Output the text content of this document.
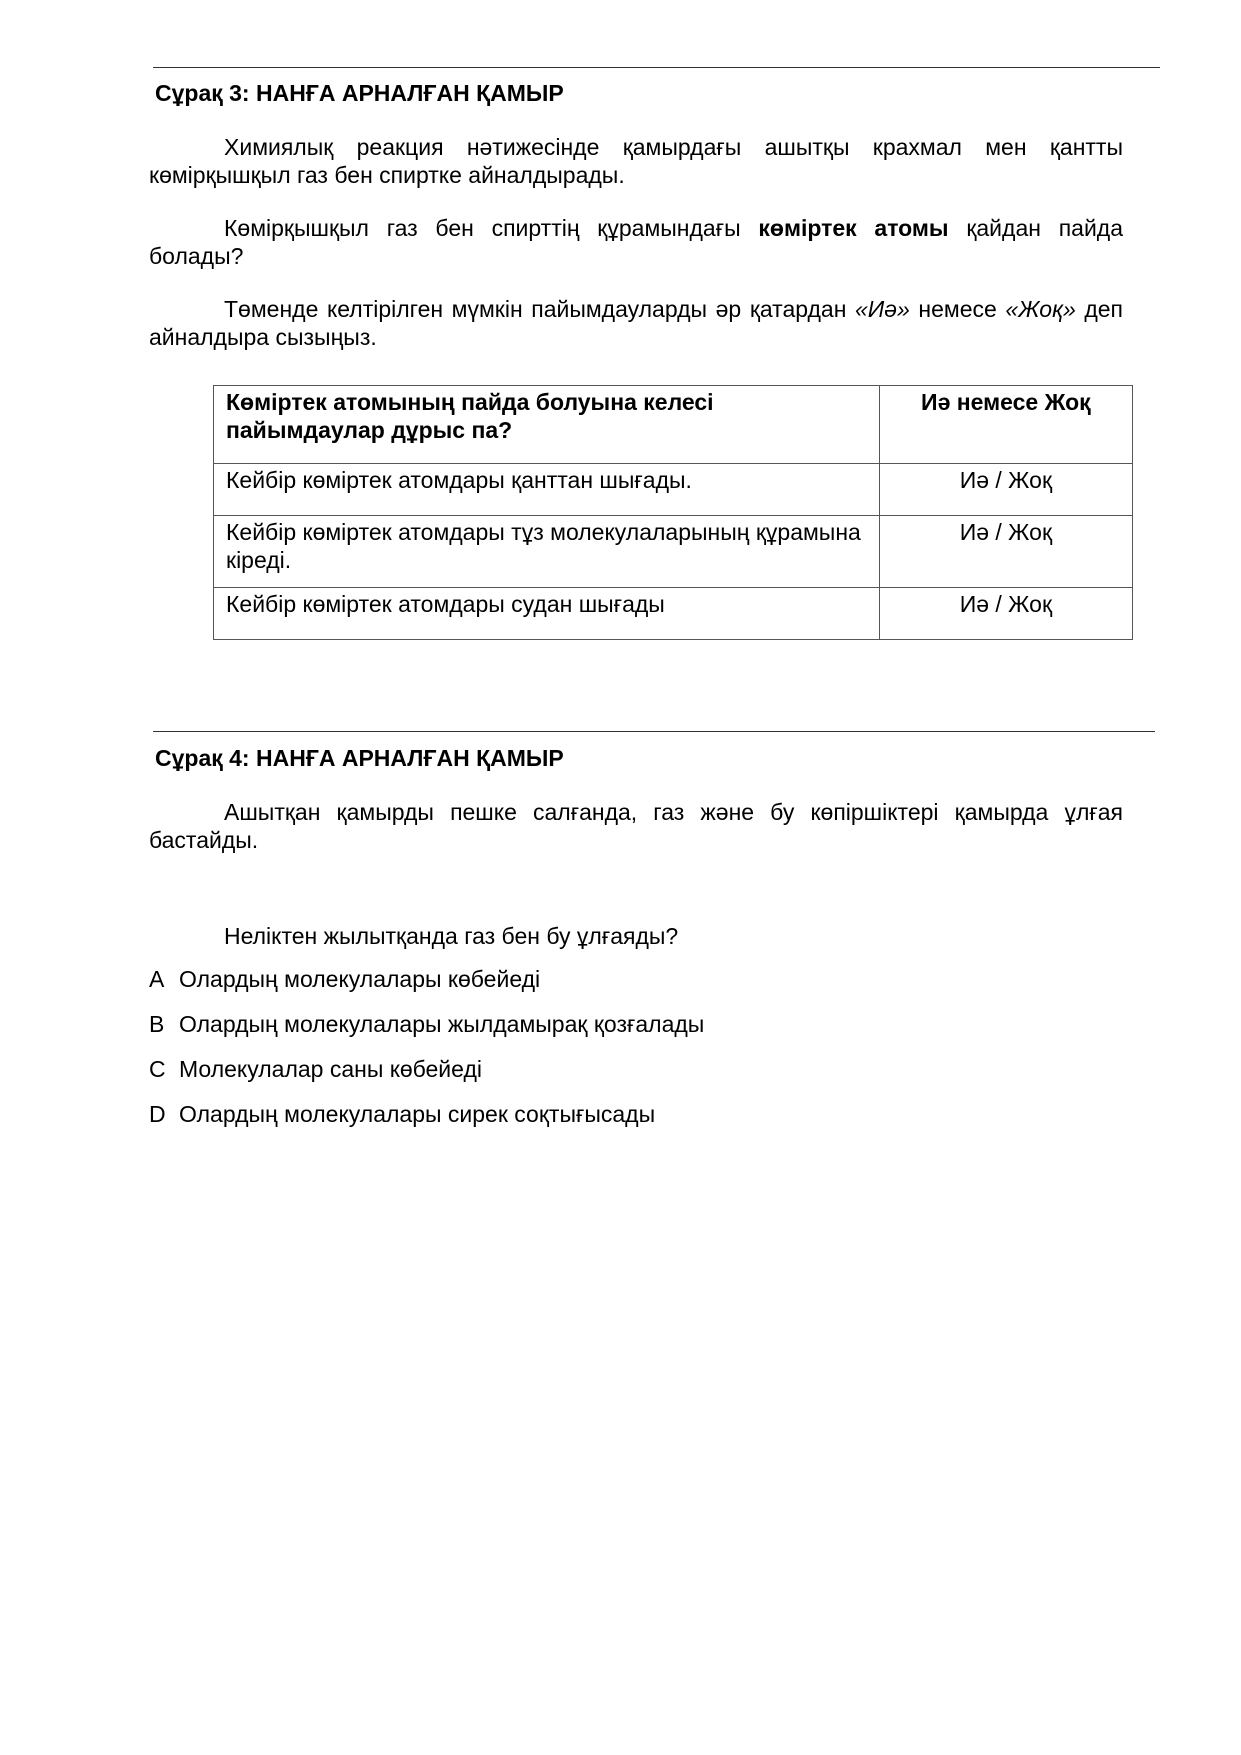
Сұрақ 3: НАНҒА АРНАЛҒАН ҚАМЫР
Химиялық реакция нәтижесінде қамырдағы ашытқы крахмал мен қантты көмірқышқыл газ бен спиртке айналдырады.
Көмірқышқыл газ бен спирттің құрамындағы көміртек атомы қайдан пайда болады?
Төменде келтірілген мүмкін пайымдауларды әр қатардан «Иә» немесе «Жоқ» деп айналдыра сызыңыз.
Көміртек атомының пайда болуына келесі пайымдаулар дұрыс па?	Иә немесе Жоқ
Кейбір көміртек атомдары қанттан шығады.	Иә / Жоқ
Кейбір көміртек атомдары тұз молекулаларының құрамына кіреді.	Иә / Жоқ
Кейбір көміртек атомдары судан шығады	Иә / Жоқ
Сұрақ 4: НАНҒА АРНАЛҒАН ҚАМЫР
Ашытқан қамырды пешке салғанда, газ және бу көпіршіктері қамырда ұлғая бастайды.
Неліктен жылытқанда газ бен бу ұлғаяды?
A Олардың молекулалары көбейеді
B Олардың молекулалары жылдамырақ қозғалады
C Молекулалар саны көбейеді
D Олардың молекулалары сирек соқтығысады
